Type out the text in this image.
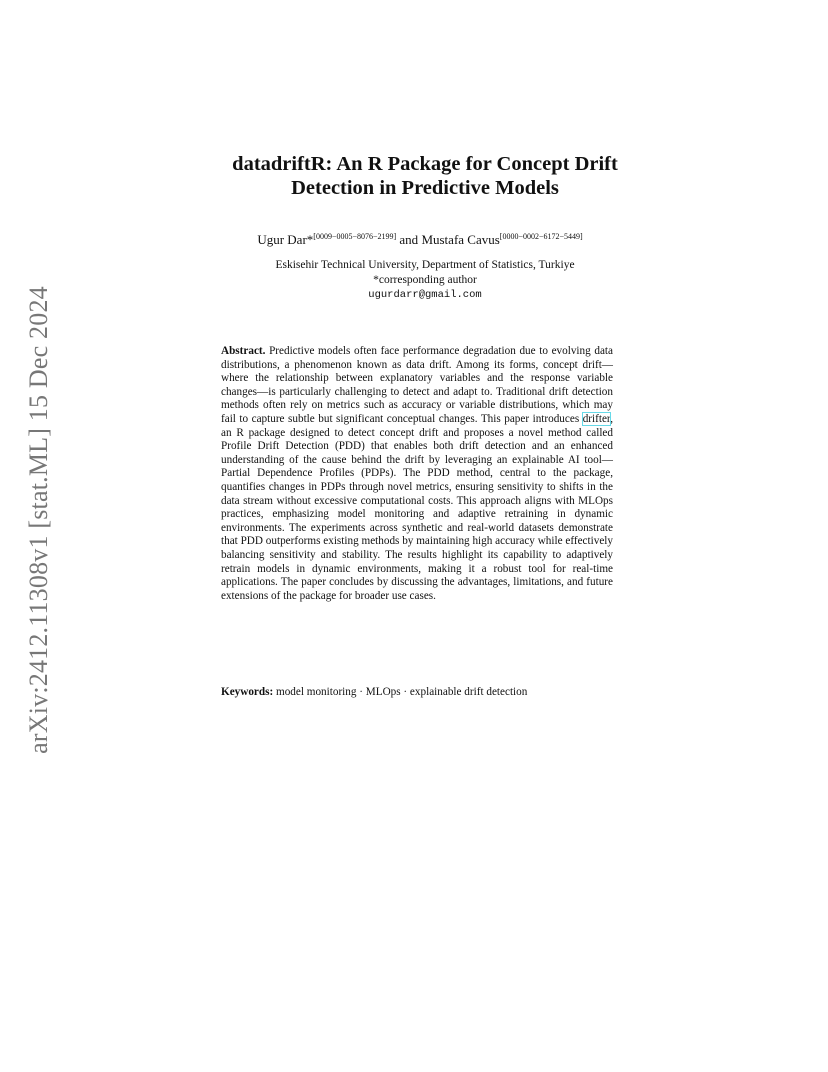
arXiv:2412.11308v1 [stat.ML] 15 Dec 2024
datadriftR: An R Package for Concept Drift
Detection in Predictive Models
Ugur Dar*[0009−0005−8076−2199] and Mustafa Cavus[0000−0002−6172−5449]
Eskisehir Technical University, Department of Statistics, Turkiye
*corresponding author
ugurdarr@gmail.com
Abstract. Predictive models often face performance degradation due to evolving data distributions, a phenomenon known as data drift. Among its forms, concept drift—where the relationship between explanatory variables and the response variable changes—is particularly challenging to detect and adapt to. Traditional drift detection methods often rely on metrics such as accuracy or variable distributions, which may fail to capture subtle but significant conceptual changes. This paper introduces drifter, an R package designed to detect concept drift and proposes a novel method called Profile Drift Detection (PDD) that enables both drift detection and an enhanced understanding of the cause behind the drift by leveraging an explainable AI tool—Partial Dependence Profiles (PDPs). The PDD method, central to the package, quantifies changes in PDPs through novel metrics, ensuring sensitivity to shifts in the data stream without excessive computational costs. This approach aligns with MLOps practices, emphasizing model monitoring and adaptive retraining in dynamic environments. The experiments across synthetic and real-world datasets demonstrate that PDD outperforms existing methods by maintaining high accuracy while effectively balancing sensitivity and stability. The results highlight its capability to adaptively retrain models in dynamic environments, making it a robust tool for real-time applications. The paper concludes by discussing the advantages, limitations, and future extensions of the package for broader use cases.
Keywords: model monitoring · MLOps · explainable drift detection
